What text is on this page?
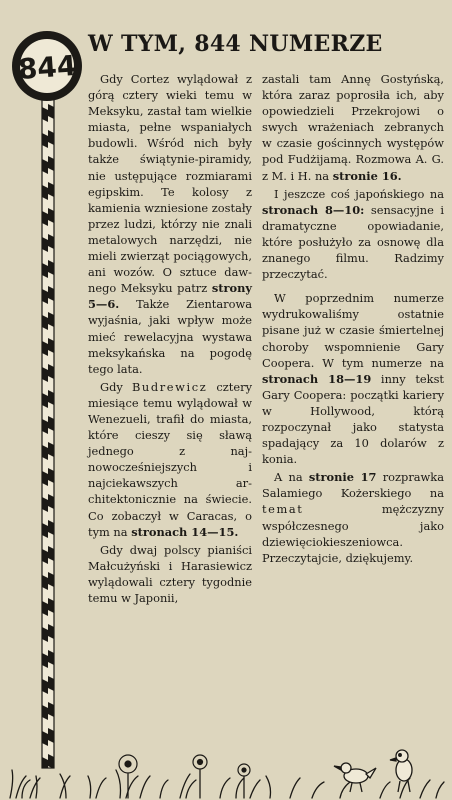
844
W TYM, 844 NUMERZE

Gdy Cortez wylądował z górą cztery wieki temu w Meksyku, zastał tam wielkie miasta, pełne wspaniałych budowli. Wśród nich były także świątynie-piramidy, nie ustępujące rozmiarami egipskim. Te kolosy z kamienia wzniesione zostały przez ludzi, którzy nie znali metalowych narzędzi, nie mieli zwierząt pociągowych, ani wozów. O sztuce dawnego Meksyku patrz strony 5—6. Także Zientarowa wyjaśnia, jaki wpływ może mieć rewelacyjna wystawa meksykańska na pogodę tego lata.

Gdy Budrewicz cztery miesiące temu wylądował w Wenezueli, trafił do miasta, które cieszy się sławą jednego z najnowocześniejszych i najciekawszych architektonicznie na świecie. Co zobaczył w Caracas, o tym na stronach 14—15.

Gdy dwaj polscy pianiści Małcużyński i Harasiewicz wylądowali cztery tygodnie temu w Japonii,

zastali tam Annę Gostyńską, która zaraz poprosiła ich, aby opowiedzieli Przekrojowi o swych wrażeniach zebranych w czasie gościnnych występów pod Fudżijamą. Rozmowa A. G. z M. i H. na stronie 16.

I jeszcze coś japońskiego na stronach 8—10: sensacyjne i dramatyczne opowiadanie, które posłużyło za osnowę dla znanego filmu. Radzimy przeczytać.

W poprzednim numerze wydrukowaliśmy ostatnie pisane już w czasie śmiertelnej choroby wspomnienie Gary Coopera. W tym numerze na stronach 18—19 inny tekst Gary Coopera: początki kariery w Hollywood, którą rozpoczynał jako statysta spadający za 10 dolarów z konia.

A na stronie 17 rozprawka Salamiego Kożerskiego na temat mężczyzny współczesnego jako dziewięciokieszeniowca. Przeczytajcie, dziękujemy.
